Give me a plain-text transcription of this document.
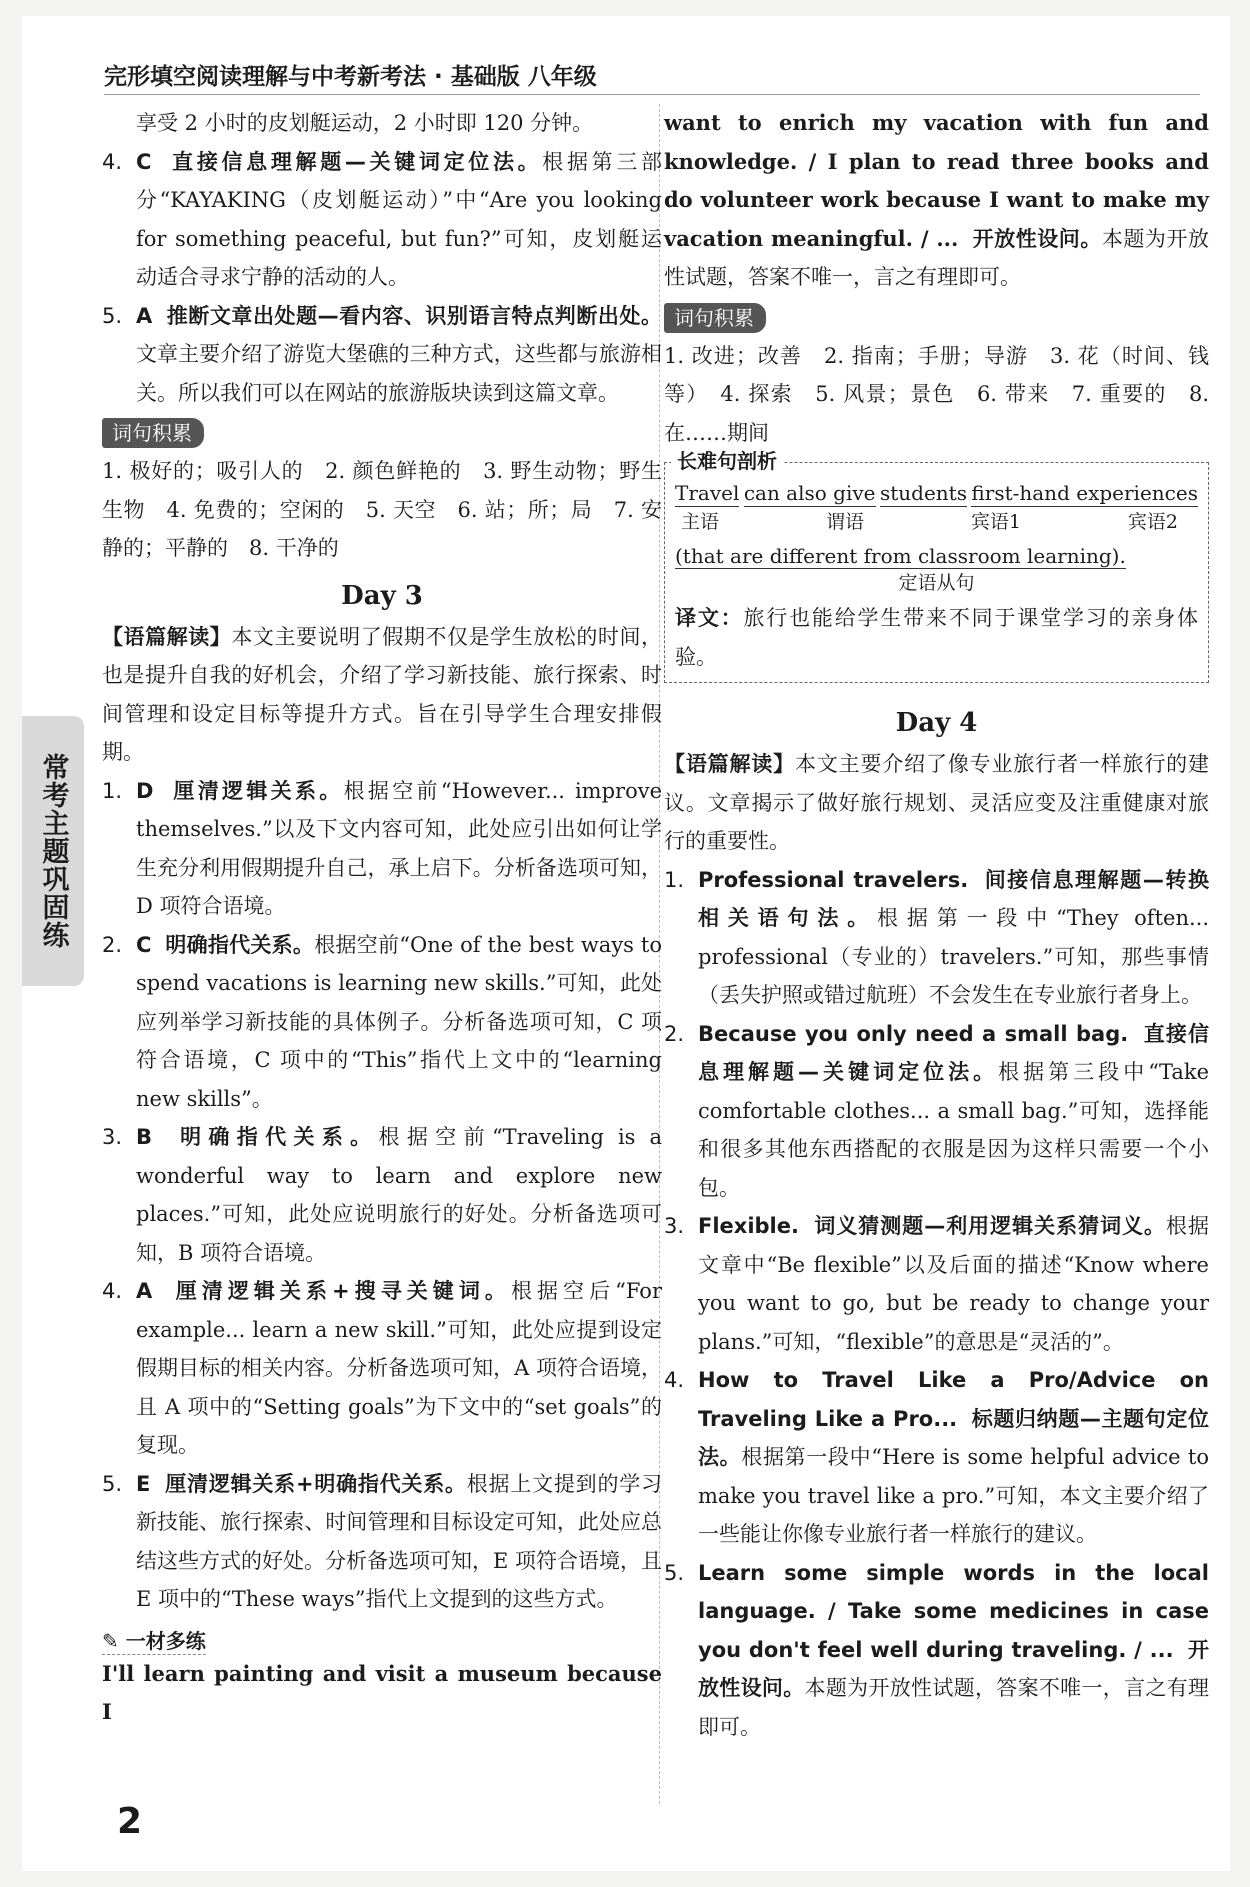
完形填空阅读理解与中考新考法 · 基础版 八年级
常考主题巩固练
享受 2 小时的皮划艇运动，2 小时即 120 分钟。
4. C 直接信息理解题—关键词定位法。根据第三部分“KAYAKING（皮划艇运动）”中“Are you looking for something peaceful, but fun?”可知，皮划艇运动适合寻求宁静的活动的人。
5. A 推断文章出处题—看内容、识别语言特点判断出处。文章主要介绍了游览大堡礁的三种方式，这些都与旅游相关。所以我们可以在网站的旅游版块读到这篇文章。
词句积累
1. 极好的；吸引人的　2. 颜色鲜艳的　3. 野生动物；野生生物　4. 免费的；空闲的　5. 天空　6. 站；所；局　7. 安静的；平静的　8. 干净的
Day 3
【语篇解读】本文主要说明了假期不仅是学生放松的时间，也是提升自我的好机会，介绍了学习新技能、旅行探索、时间管理和设定目标等提升方式。旨在引导学生合理安排假期。
1. D 厘清逻辑关系。根据空前“However... improve themselves.”以及下文内容可知，此处应引出如何让学生充分利用假期提升自己，承上启下。分析备选项可知，D 项符合语境。
2. C 明确指代关系。根据空前“One of the best ways to spend vacations is learning new skills.”可知，此处应列举学习新技能的具体例子。分析备选项可知，C 项符合语境，C 项中的“This”指代上文中的“learning new skills”。
3. B 明确指代关系。根据空前“Traveling is a wonderful way to learn and explore new places.”可知，此处应说明旅行的好处。分析备选项可知，B 项符合语境。
4. A 厘清逻辑关系+搜寻关键词。根据空后“For example... learn a new skill.”可知，此处应提到设定假期目标的相关内容。分析备选项可知，A 项符合语境，且 A 项中的“Setting goals”为下文中的“set goals”的复现。
5. E 厘清逻辑关系+明确指代关系。根据上文提到的学习新技能、旅行探索、时间管理和目标设定可知，此处应总结这些方式的好处。分析备选项可知，E 项符合语境，且 E 项中的“These ways”指代上文提到的这些方式。
✎ 一材多练
I'll learn painting and visit a museum because I
want to enrich my vacation with fun and knowledge. / I plan to read three books and do volunteer work because I want to make my vacation meaningful. / ... 开放性设问。本题为开放性试题，答案不唯一，言之有理即可。
词句积累
1. 改进；改善　2. 指南；手册；导游　3. 花（时间、钱等）　4. 探索　5. 风景；景色　6. 带来　7. 重要的　8. 在……期间
长难句剖析
Travel can also give students first-hand experiences
主语	谓语	宾语1	宾语2
(that are different from classroom learning).
定语从句
译文：旅行也能给学生带来不同于课堂学习的亲身体验。
Day 4
【语篇解读】本文主要介绍了像专业旅行者一样旅行的建议。文章揭示了做好旅行规划、灵活应变及注重健康对旅行的重要性。
1. Professional travelers. 间接信息理解题—转换相关语句法。根据第一段中“They often... professional（专业的）travelers.”可知，那些事情（丢失护照或错过航班）不会发生在专业旅行者身上。
2. Because you only need a small bag. 直接信息理解题—关键词定位法。根据第三段中“Take comfortable clothes... a small bag.”可知，选择能和很多其他东西搭配的衣服是因为这样只需要一个小包。
3. Flexible. 词义猜测题—利用逻辑关系猜词义。根据文章中“Be flexible”以及后面的描述“Know where you want to go, but be ready to change your plans.”可知，“flexible”的意思是“灵活的”。
4. How to Travel Like a Pro/Advice on Traveling Like a Pro... 标题归纳题—主题句定位法。根据第一段中“Here is some helpful advice to make you travel like a pro.”可知，本文主要介绍了一些能让你像专业旅行者一样旅行的建议。
5. Learn some simple words in the local language. / Take some medicines in case you don't feel well during traveling. / ... 开放性设问。本题为开放性试题，答案不唯一，言之有理即可。
2
